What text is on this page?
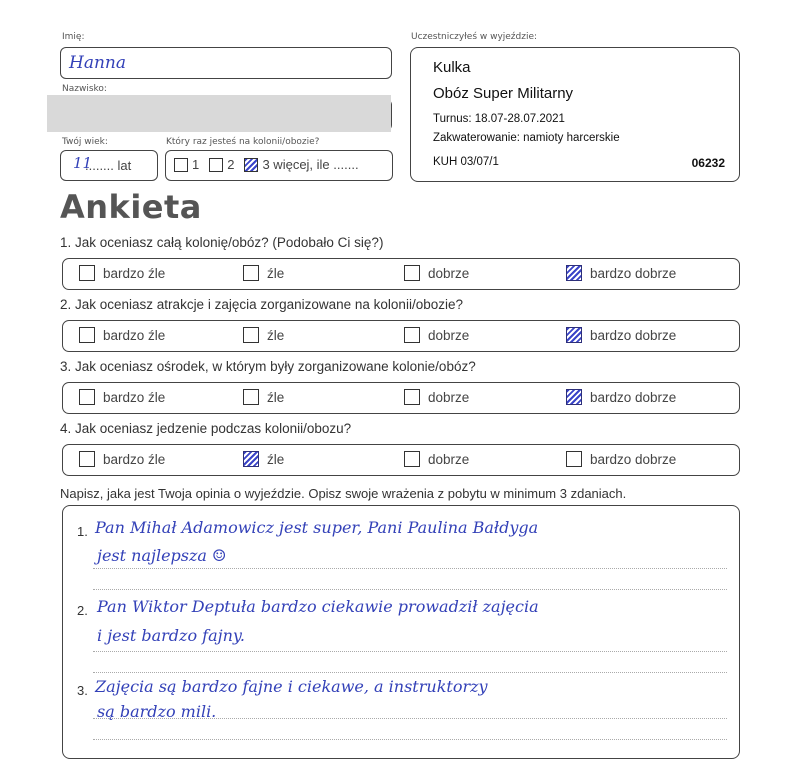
Imię:
Hanna
Nazwisko:
Twój wiek:
11
........ lat
Który raz jesteś na kolonii/obozie?
1 2 3 więcej, ile .......
Uczestniczyłeś w wyjeździe:
Kulka
Obóz Super Militarny
Turnus: 18.07-28.07.2021
Zakwaterowanie: namioty harcerskie
KUH 03/07/1	06232
Ankieta
1. Jak oceniasz całą kolonię/obóz? (Podobało Ci się?)
bardzo źle	źle	dobrze	bardzo dobrze
2. Jak oceniasz atrakcje i zajęcia zorganizowane na kolonii/obozie?
bardzo źle	źle	dobrze	bardzo dobrze
3. Jak oceniasz ośrodek, w którym były zorganizowane kolonie/obóz?
bardzo źle	źle	dobrze	bardzo dobrze
4. Jak oceniasz jedzenie podczas kolonii/obozu?
bardzo źle	źle	dobrze	bardzo dobrze
Napisz, jaka jest Twoja opinia o wyjeździe. Opisz swoje wrażenia z pobytu w minimum 3 zdaniach.
1. Pan Mihał Adamowicz jest super, Pani Paulina Bałdyga
jest najlepsza ☺
2. Pan Wiktor Deptuła bardzo ciekawie prowadził zajęcia
i jest bardzo fajny.
3. Zajęcia są bardzo fajne i ciekawe, a instruktorzy
są bardzo mili.
